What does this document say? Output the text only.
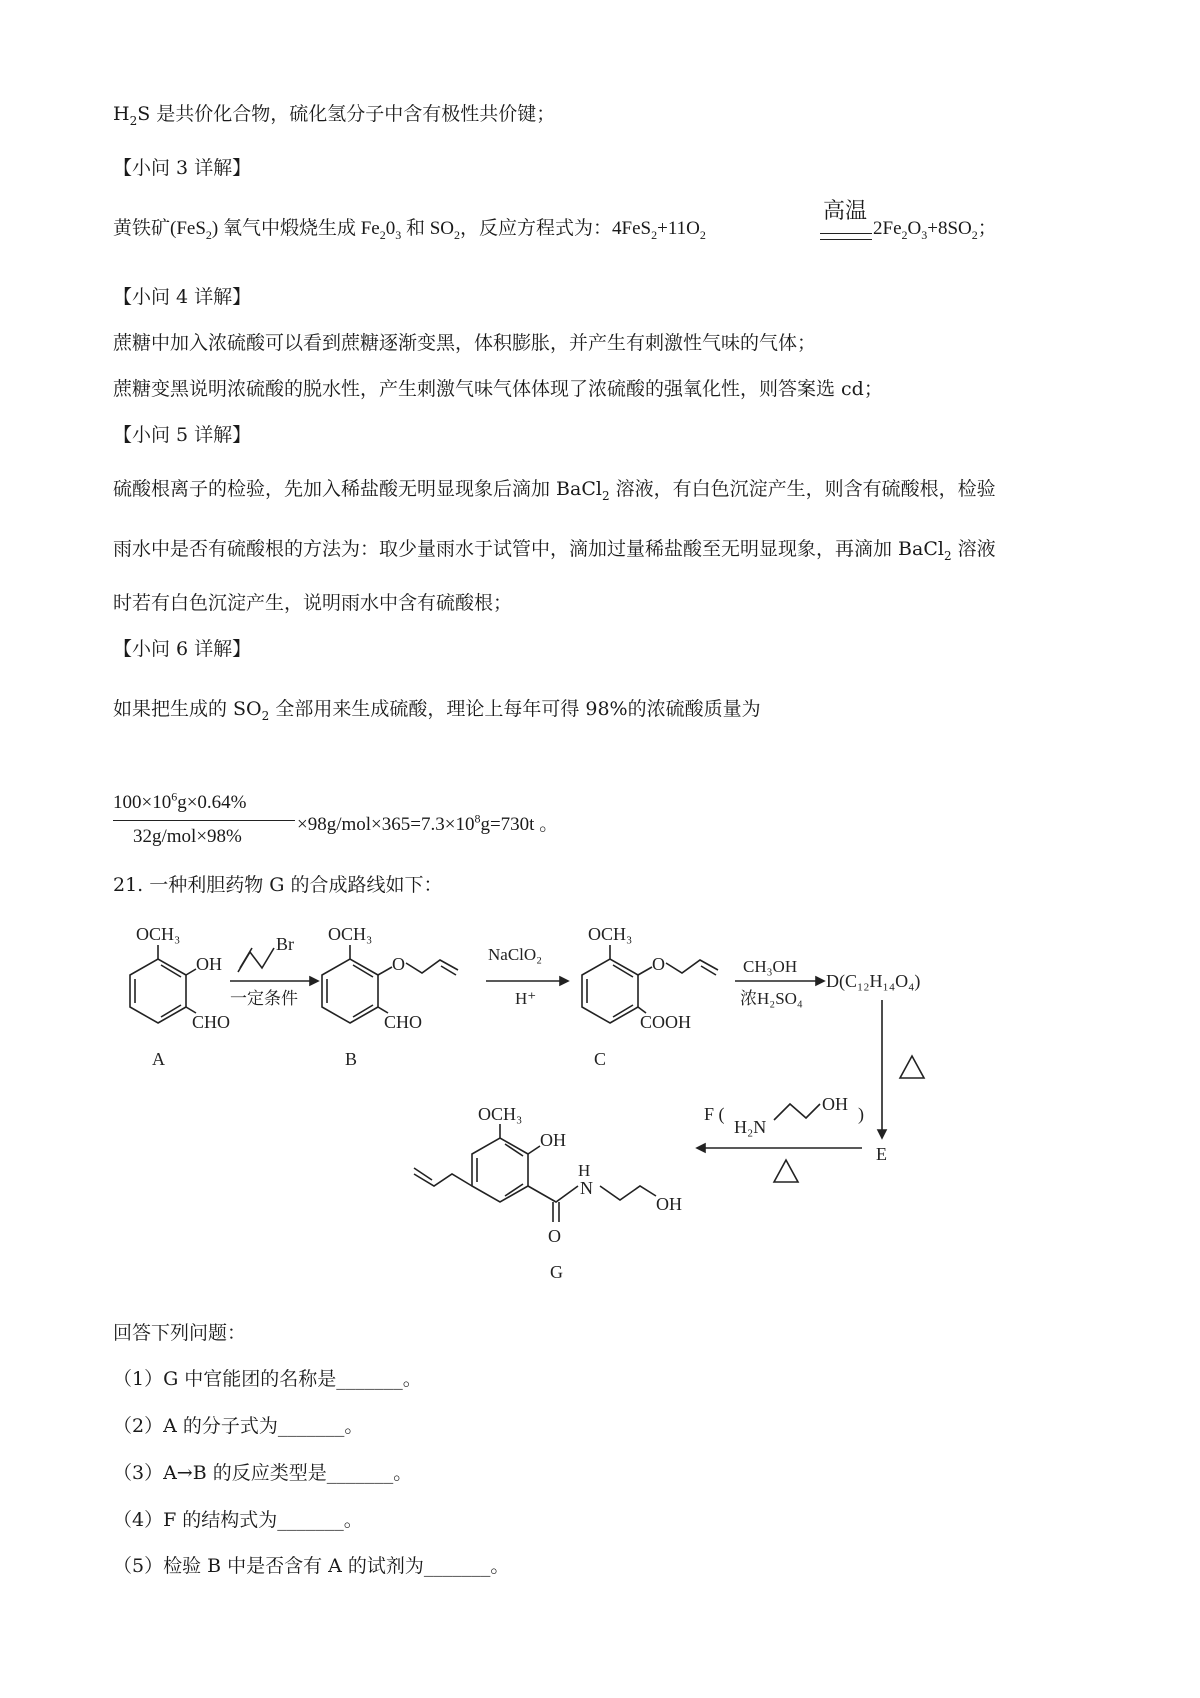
$H_2S$ 是共价化合物，硫化氢分子中含有极性共价键；
【小问 3 详解】
黄铁矿(FeS$_2$) 氧气中煅烧生成 $Fe_20_3$ 和 $SO_2$，反应方程式为：$4FeS_2+11O_2$
高温
$2Fe_2O_3+8SO_2$；
【小问 4 详解】
蔗糖中加入浓硫酸可以看到蔗糖逐渐变黑，体积膨胀，并产生有刺激性气味的气体；
蔗糖变黑说明浓硫酸的脱水性，产生刺激气味气体体现了浓硫酸的强氧化性，则答案选 cd；
【小问 5 详解】
硫酸根离子的检验，先加入稀盐酸无明显现象后滴加 BaCl$_2$ 溶液，有白色沉淀产生，则含有硫酸根，检验
雨水中是否有硫酸根的方法为：取少量雨水于试管中，滴加过量稀盐酸至无明显现象，再滴加 BaCl$_2$ 溶液
时若有白色沉淀产生，说明雨水中含有硫酸根；
【小问 6 详解】
如果把生成的 $SO_2$ 全部用来生成硫酸，理论上每年可得 98%的浓硫酸质量为
$100\times 10^6g\times 0.64\%$
32g/mol×98%
$\times 98g/mol\times 365=7.3\times 10^8g=730t$ 。
21. 一种利胆药物 G 的合成路线如下：
OCH₃
OH
CHO
A
Br
一定条件
OCH₃
O
CHO
B
NaClO₂
H⁺
OCH₃
O
COOH
C
CH₃OH
浓H₂SO₄
D(C₁₂H₁₄O₄)
E
F (
H₂N
OH )
OCH₃
OH
H
N
O
OH
G
回答下列问题：
（1）G 中官能团的名称是_______。
（2）A 的分子式为_______。
（3）A→B 的反应类型是_______。
（4）F 的结构式为_______。
（5）检验 B 中是否含有 A 的试剂为_______。
